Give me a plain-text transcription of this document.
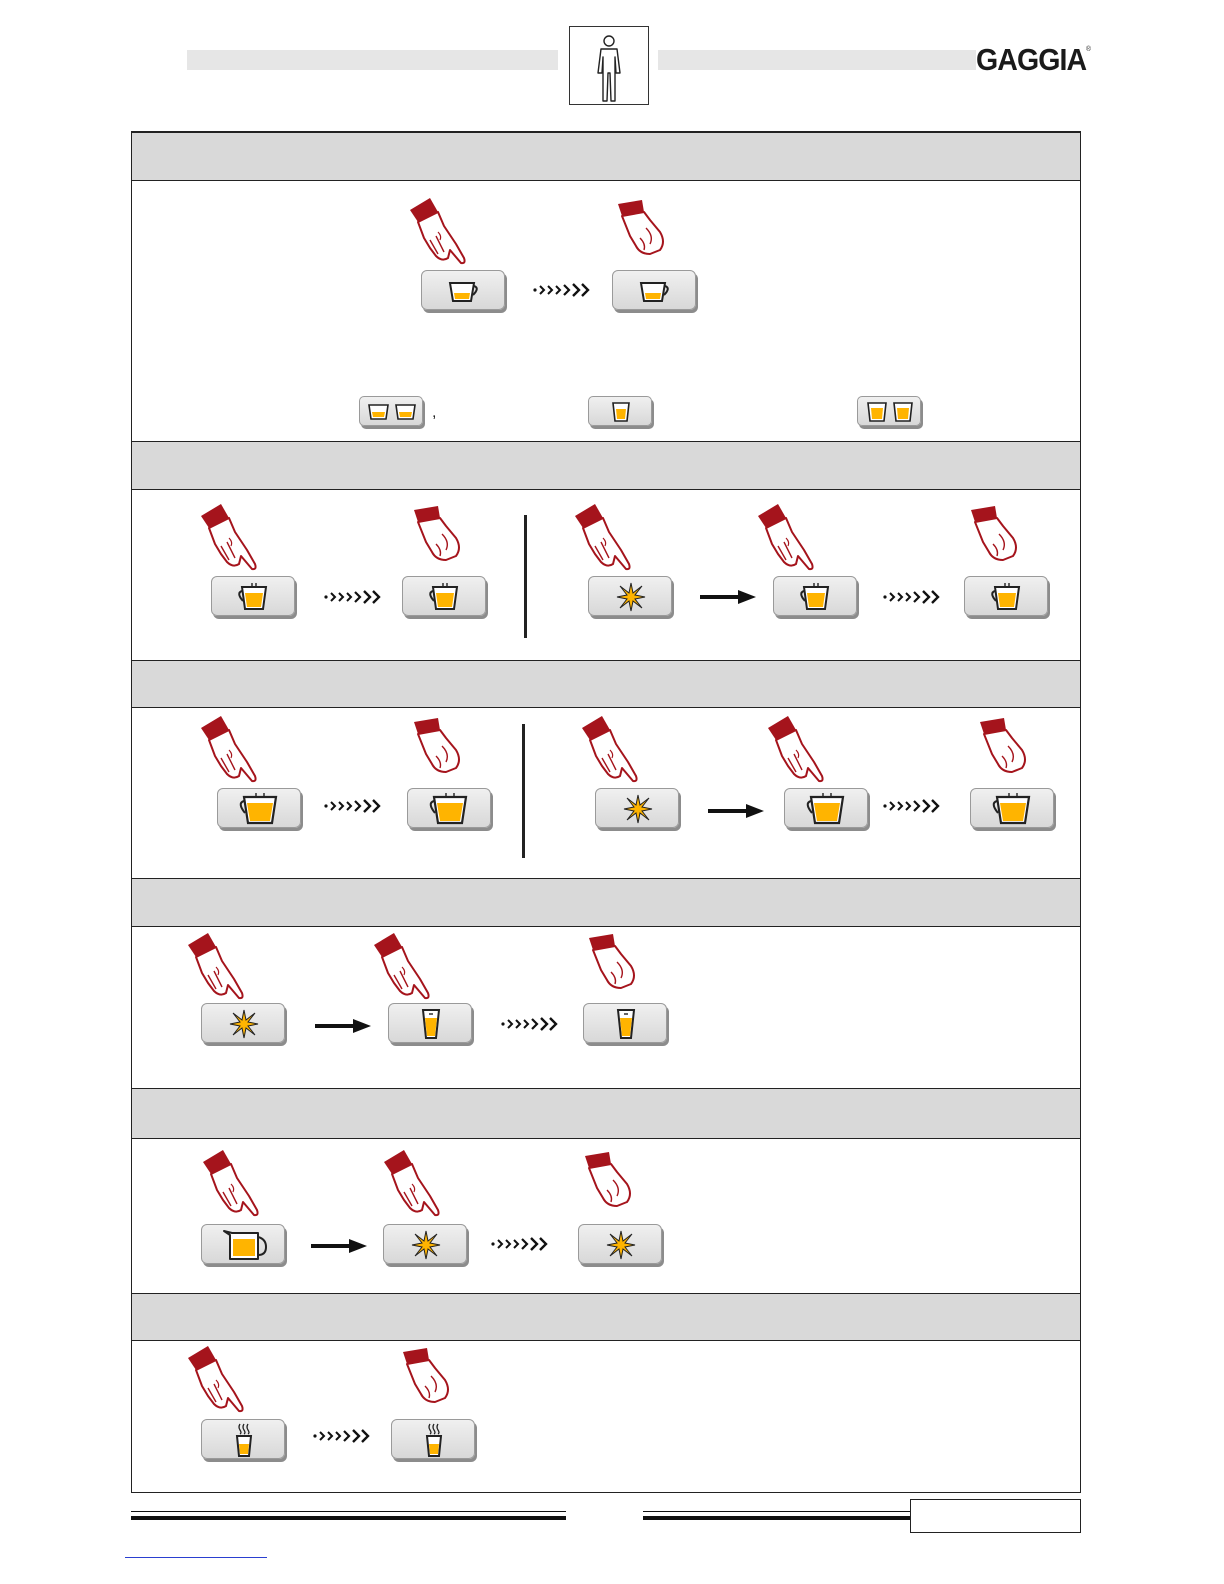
GAGGIA®
,
